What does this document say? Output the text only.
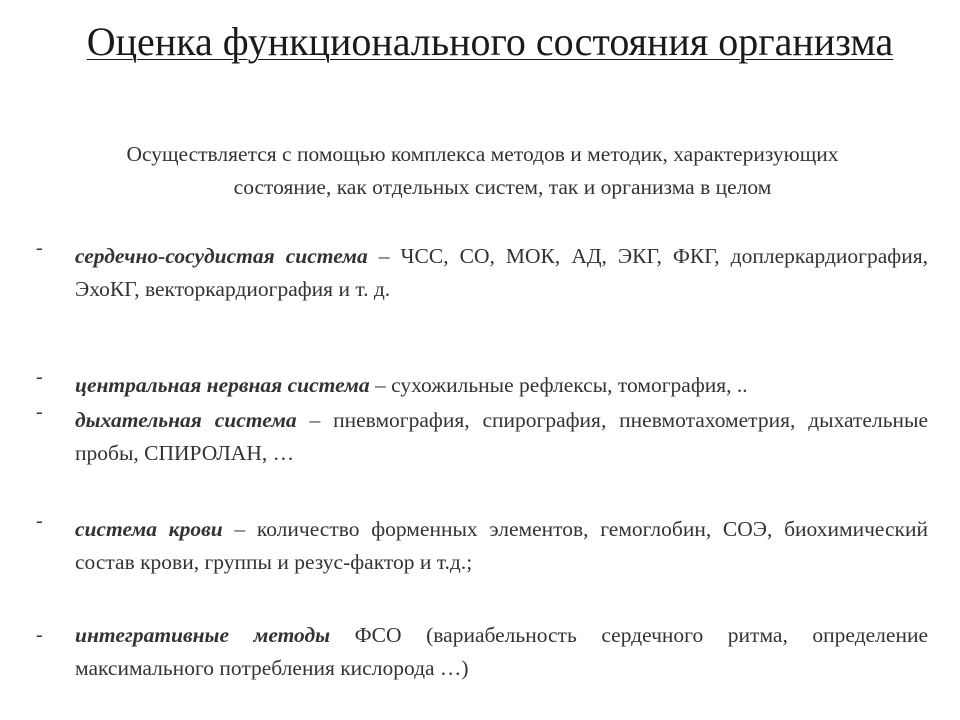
Оценка функционального состояния организма
Осуществляется с помощью комплекса методов и методик, характеризующих
состояние, как отдельных систем, так и организма в целом
- сердечно-сосудистая система – ЧСС, СО, МОК, АД, ЭКГ, ФКГ, доплеркардиография, ЭхоКГ, векторкардиография и т. д.
- центральная нервная система – сухожильные рефлексы, томография, ..
- дыхательная система – пневмография, спирография, пневмотахометрия, дыхательные пробы, СПИРОЛАН, …
- система крови – количество форменных элементов, гемоглобин, СОЭ, биохимический состав крови, группы и резус-фактор и т.д.;
- интегративные методы ФСО (вариабельность сердечного ритма, определение максимального потребления кислорода …)
